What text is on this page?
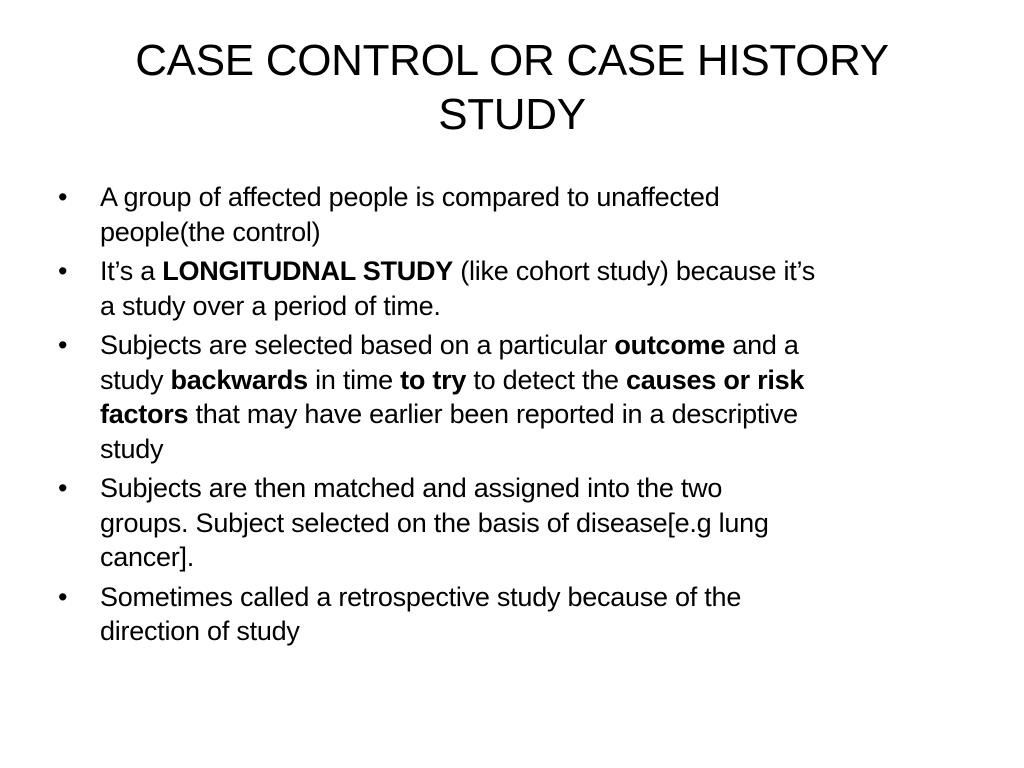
CASE CONTROL OR CASE HISTORY
STUDY
• A group of affected people is compared to unaffected
people(the control)
• It’s a LONGITUDNAL STUDY (like cohort study) because it’s
a study over a period of time.
• Subjects are selected based on a particular outcome and a
study backwards in time to try to detect the causes or risk
factors that may have earlier been reported in a descriptive
study
• Subjects are then matched and assigned into the two
groups. Subject selected on the basis of disease[e.g lung
cancer].
• Sometimes called a retrospective study because of the
direction of study
